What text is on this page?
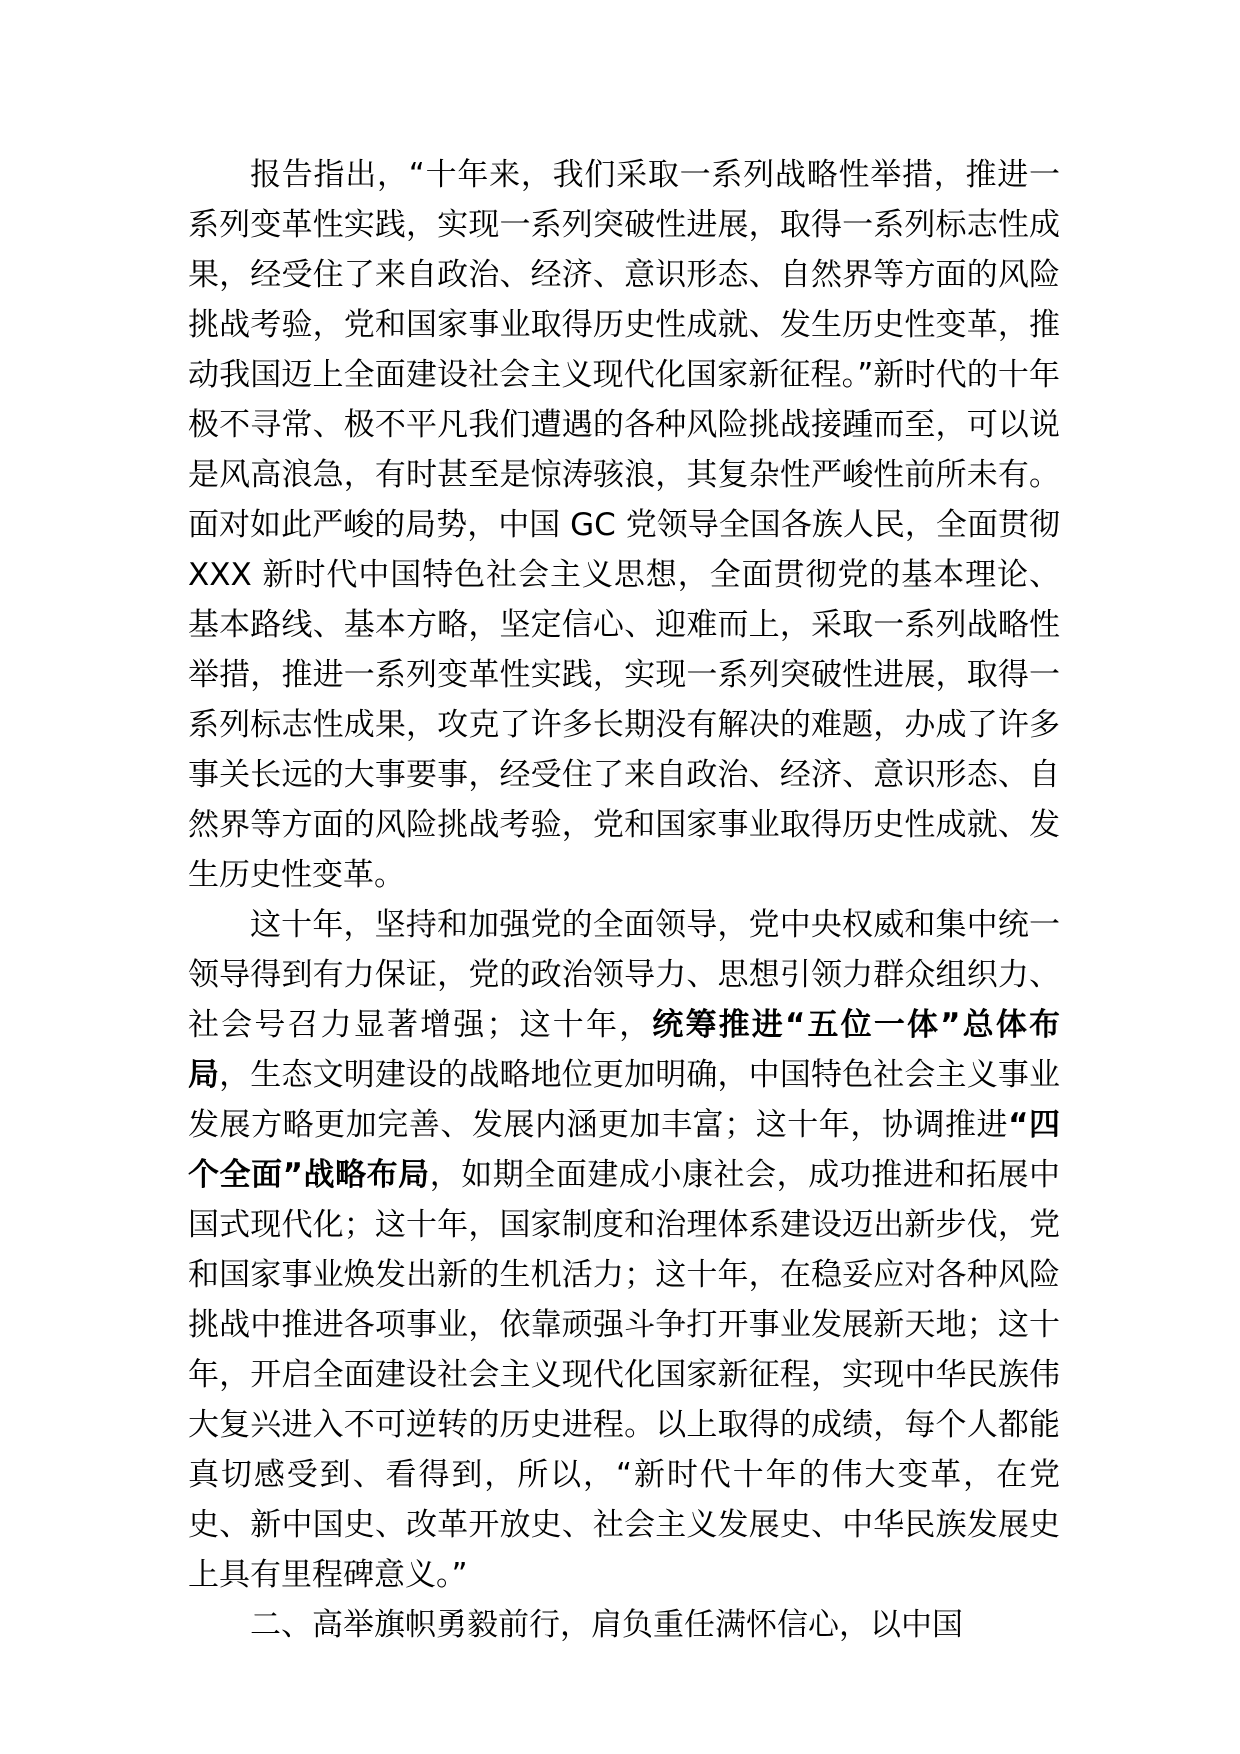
报告指出，“十年来，我们采取一系列战略性举措，推进一系列变革性实践，实现一系列突破性进展，取得一系列标志性成果，经受住了来自政治、经济、意识形态、自然界等方面的风险挑战考验，党和国家事业取得历史性成就、发生历史性变革，推动我国迈上全面建设社会主义现代化国家新征程。”新时代的十年极不寻常、极不平凡我们遭遇的各种风险挑战接踵而至，可以说是风高浪急，有时甚至是惊涛骇浪，其复杂性严峻性前所未有。面对如此严峻的局势，中国 GC 党领导全国各族人民，全面贯彻 XXX 新时代中国特色社会主义思想，全面贯彻党的基本理论、基本路线、基本方略，坚定信心、迎难而上，采取一系列战略性举措，推进一系列变革性实践，实现一系列突破性进展，取得一系列标志性成果，攻克了许多长期没有解决的难题，办成了许多事关长远的大事要事，经受住了来自政治、经济、意识形态、自然界等方面的风险挑战考验，党和国家事业取得历史性成就、发生历史性变革。

这十年，坚持和加强党的全面领导，党中央权威和集中统一领导得到有力保证，党的政治领导力、思想引领力群众组织力、社会号召力显著增强；这十年，统筹推进“五位一体”总体布局，生态文明建设的战略地位更加明确，中国特色社会主义事业发展方略更加完善、发展内涵更加丰富；这十年，协调推进“四个全面”战略布局，如期全面建成小康社会，成功推进和拓展中国式现代化；这十年，国家制度和治理体系建设迈出新步伐，党和国家事业焕发出新的生机活力；这十年，在稳妥应对各种风险挑战中推进各项事业，依靠顽强斗争打开事业发展新天地；这十年，开启全面建设社会主义现代化国家新征程，实现中华民族伟大复兴进入不可逆转的历史进程。以上取得的成绩，每个人都能真切感受到、看得到，所以，“新时代十年的伟大变革，在党史、新中国史、改革开放史、社会主义发展史、中华民族发展史上具有里程碑意义。”

二、高举旗帜勇毅前行，肩负重任满怀信心，以中国
